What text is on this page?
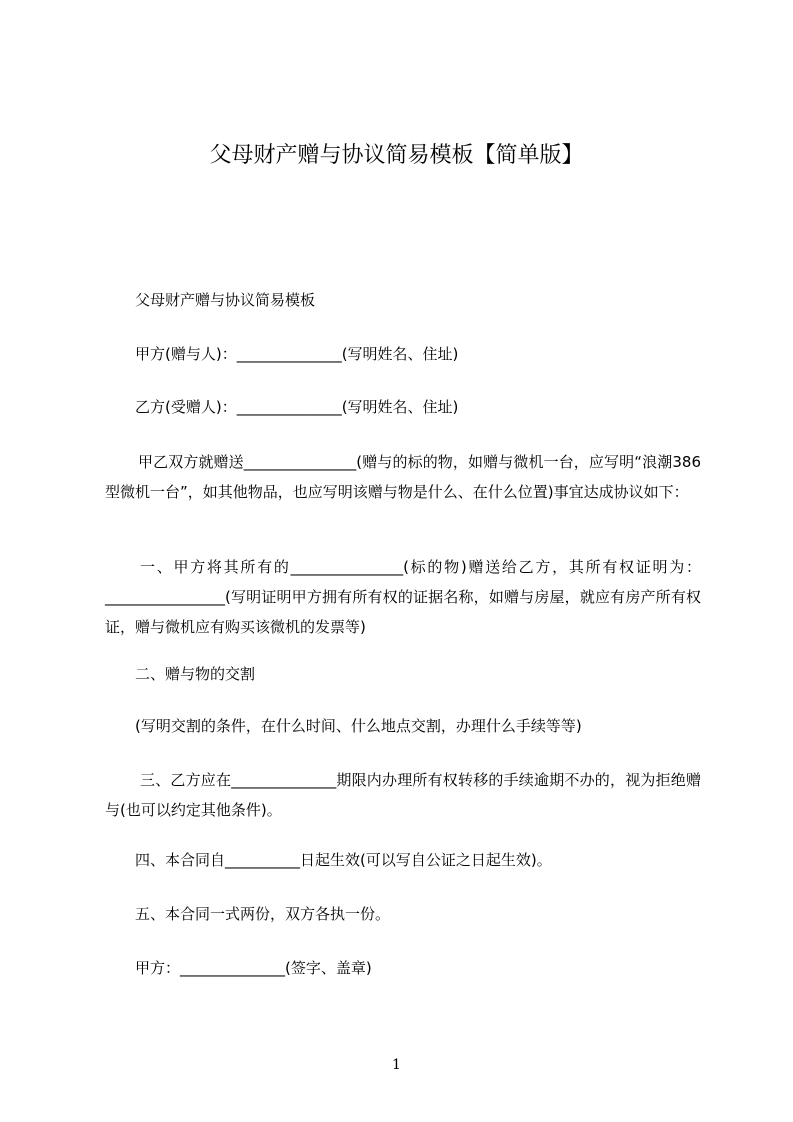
父母财产赠与协议简易模板【简单版】
父母财产赠与协议简易模板
甲方(赠与人)：______________(写明姓名、住址)
乙方(受赠人)：______________(写明姓名、住址)
甲乙双方就赠送_______________(赠与的标的物，如赠与微机一台，应写明“浪潮386型微机一台”，如其他物品，也应写明该赠与物是什么、在什么位置)事宜达成协议如下：
一、甲方将其所有的_______________(标的物)赠送给乙方，其所有权证明为：________________(写明证明甲方拥有所有权的证据名称，如赠与房屋，就应有房产所有权证，赠与微机应有购买该微机的发票等)
二、赠与物的交割
(写明交割的条件，在什么时间、什么地点交割，办理什么手续等等)
三、乙方应在______________期限内办理所有权转移的手续逾期不办的，视为拒绝赠与(也可以约定其他条件)。
四、本合同自__________日起生效(可以写自公证之日起生效)。
五、本合同一式两份，双方各执一份。
甲方：______________(签字、盖章)
1
